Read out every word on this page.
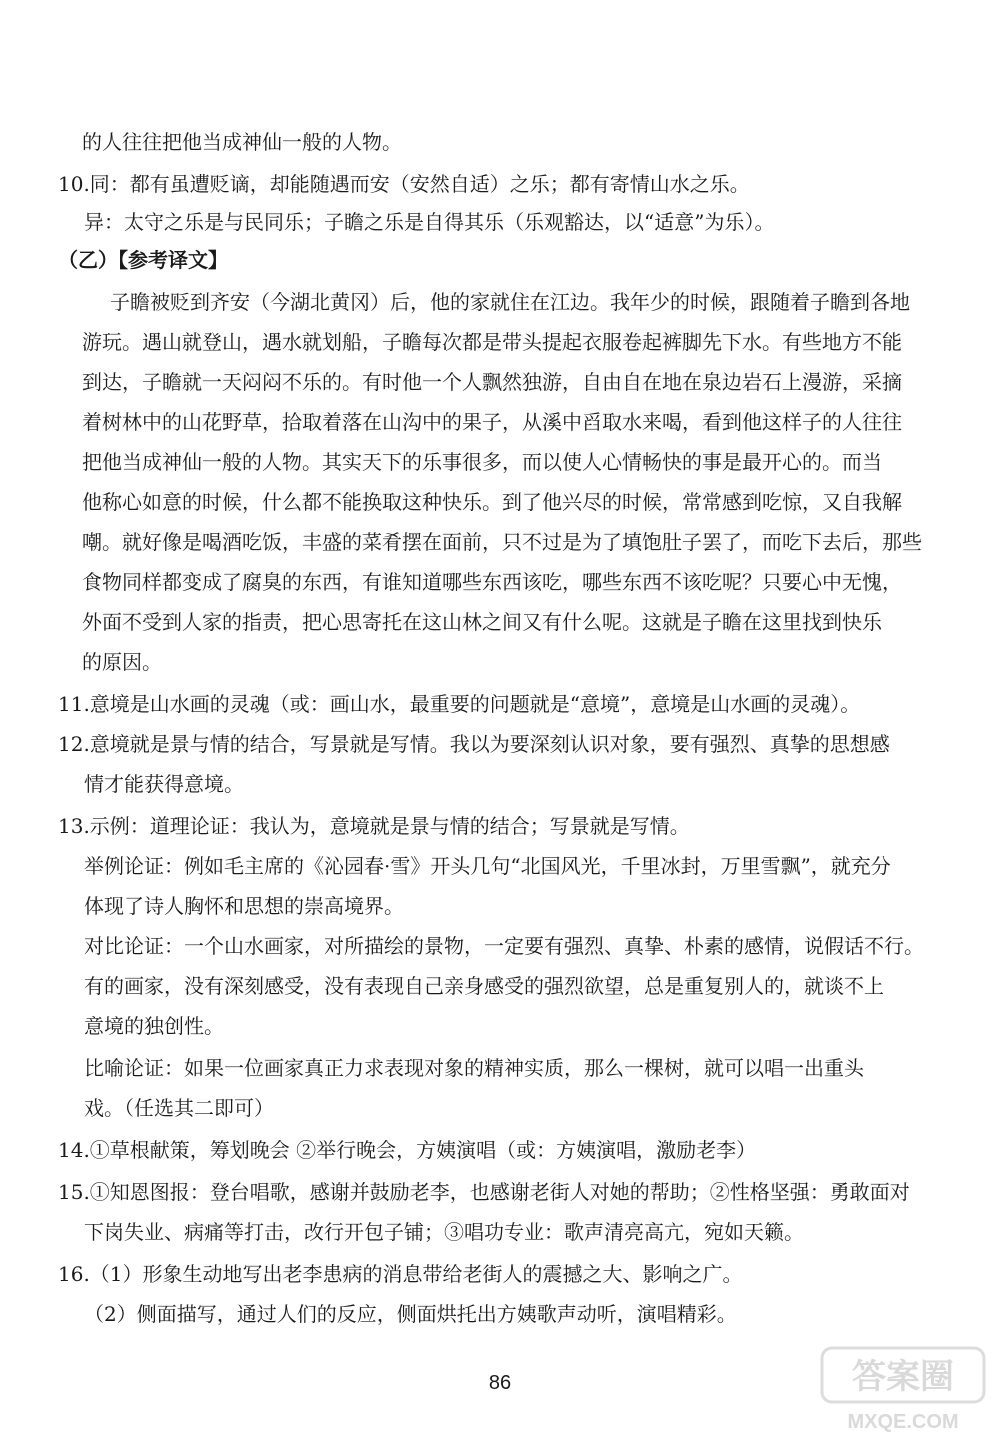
的人往往把他当成神仙一般的人物。
10.同：都有虽遭贬谪，却能随遇而安（安然自适）之乐；都有寄情山水之乐。
异：太守之乐是与民同乐；子瞻之乐是自得其乐（乐观豁达，以“适意”为乐）。
（乙）【参考译文】
子瞻被贬到齐安（今湖北黄冈）后，他的家就住在江边。我年少的时候，跟随着子瞻到各地
游玩。遇山就登山，遇水就划船，子瞻每次都是带头提起衣服卷起裤脚先下水。有些地方不能
到达，子瞻就一天闷闷不乐的。有时他一个人飘然独游，自由自在地在泉边岩石上漫游，采摘
着树林中的山花野草，拾取着落在山沟中的果子，从溪中舀取水来喝，看到他这样子的人往往
把他当成神仙一般的人物。其实天下的乐事很多，而以使人心情畅快的事是最开心的。而当
他称心如意的时候，什么都不能换取这种快乐。到了他兴尽的时候，常常感到吃惊，又自我解
嘲。就好像是喝酒吃饭，丰盛的菜肴摆在面前，只不过是为了填饱肚子罢了，而吃下去后，那些
食物同样都变成了腐臭的东西，有谁知道哪些东西该吃，哪些东西不该吃呢？只要心中无愧，
外面不受到人家的指责，把心思寄托在这山林之间又有什么呢。这就是子瞻在这里找到快乐
的原因。
11.意境是山水画的灵魂（或：画山水，最重要的问题就是“意境”，意境是山水画的灵魂）。
12.意境就是景与情的结合，写景就是写情。我以为要深刻认识对象，要有强烈、真挚的思想感
情才能获得意境。
13.示例：道理论证：我认为，意境就是景与情的结合；写景就是写情。
举例论证：例如毛主席的《沁园春·雪》开头几句“北国风光，千里冰封，万里雪飘”，就充分
体现了诗人胸怀和思想的崇高境界。
对比论证：一个山水画家，对所描绘的景物，一定要有强烈、真挚、朴素的感情，说假话不行。
有的画家，没有深刻感受，没有表现自己亲身感受的强烈欲望，总是重复别人的，就谈不上
意境的独创性。
比喻论证：如果一位画家真正力求表现对象的精神实质，那么一棵树，就可以唱一出重头
戏。（任选其二即可）
14.①草根献策，筹划晚会 ②举行晚会，方姨演唱（或：方姨演唱，激励老李）
15.①知恩图报：登台唱歌，感谢并鼓励老李，也感谢老街人对她的帮助；②性格坚强：勇敢面对
下岗失业、病痛等打击，改行开包子铺；③唱功专业：歌声清亮高亢，宛如天籁。
16.（1）形象生动地写出老李患病的消息带给老街人的震撼之大、影响之广。
（2）侧面描写，通过人们的反应，侧面烘托出方姨歌声动听，演唱精彩。
86	答案圈
MXQE.COM
